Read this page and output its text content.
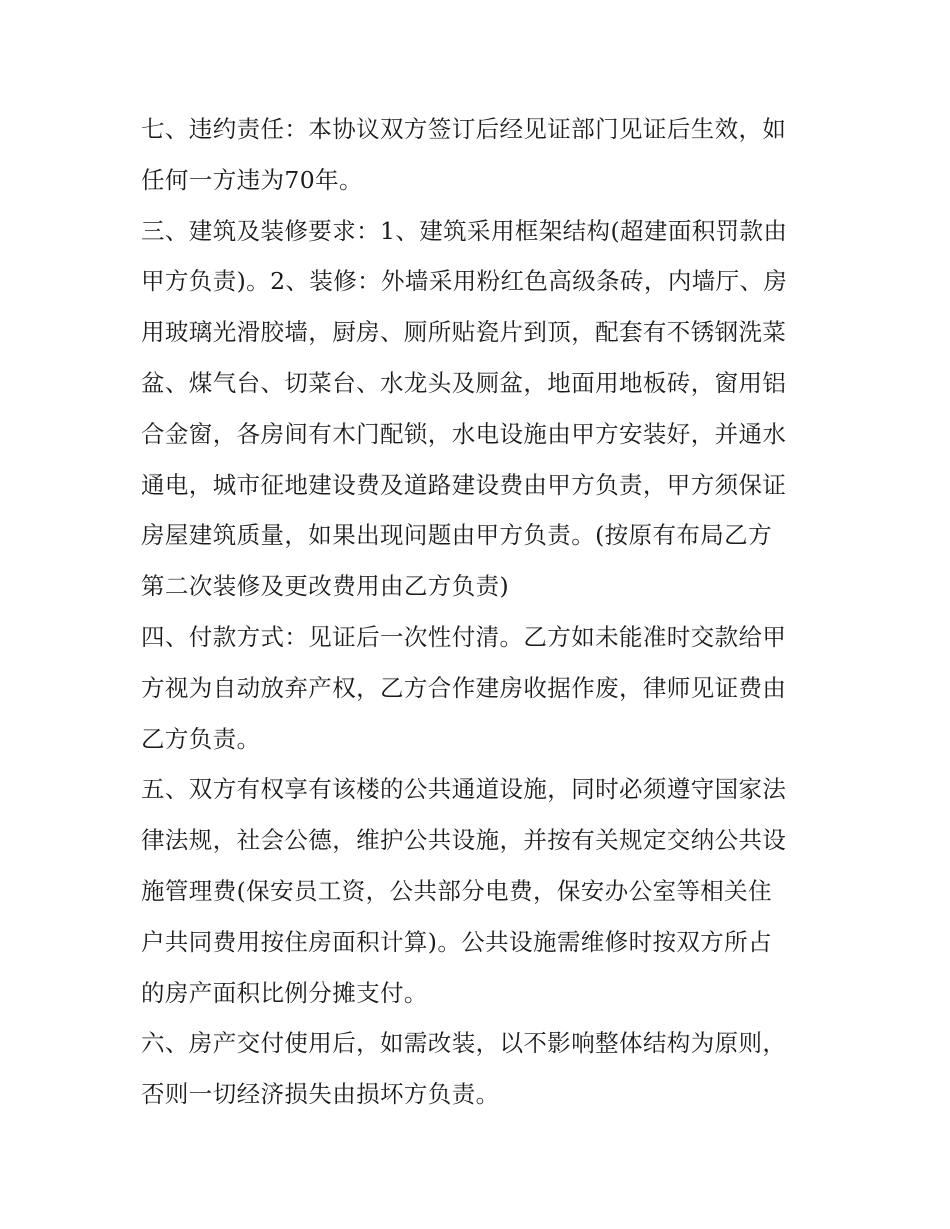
七、违约责任：本协议双方签订后经见证部门见证后生效，如
任何一方违为70年。
三、建筑及装修要求：1、建筑采用框架结构(超建面积罚款由
甲方负责)。2、装修：外墙采用粉红色高级条砖，内墙厅、房
用玻璃光滑胶墙，厨房、厕所贴瓷片到顶，配套有不锈钢洗菜
盆、煤气台、切菜台、水龙头及厕盆，地面用地板砖，窗用铝
合金窗，各房间有木门配锁，水电设施由甲方安装好，并通水
通电，城市征地建设费及道路建设费由甲方负责，甲方须保证
房屋建筑质量，如果出现问题由甲方负责。(按原有布局乙方
第二次装修及更改费用由乙方负责)
四、付款方式：见证后一次性付清。乙方如未能准时交款给甲
方视为自动放弃产权，乙方合作建房收据作废，律师见证费由
乙方负责。
五、双方有权享有该楼的公共通道设施，同时必须遵守国家法
律法规，社会公德，维护公共设施，并按有关规定交纳公共设
施管理费(保安员工资，公共部分电费，保安办公室等相关住
户共同费用按住房面积计算)。公共设施需维修时按双方所占
的房产面积比例分摊支付。
六、房产交付使用后，如需改装，以不影响整体结构为原则，
否则一切经济损失由损坏方负责。
